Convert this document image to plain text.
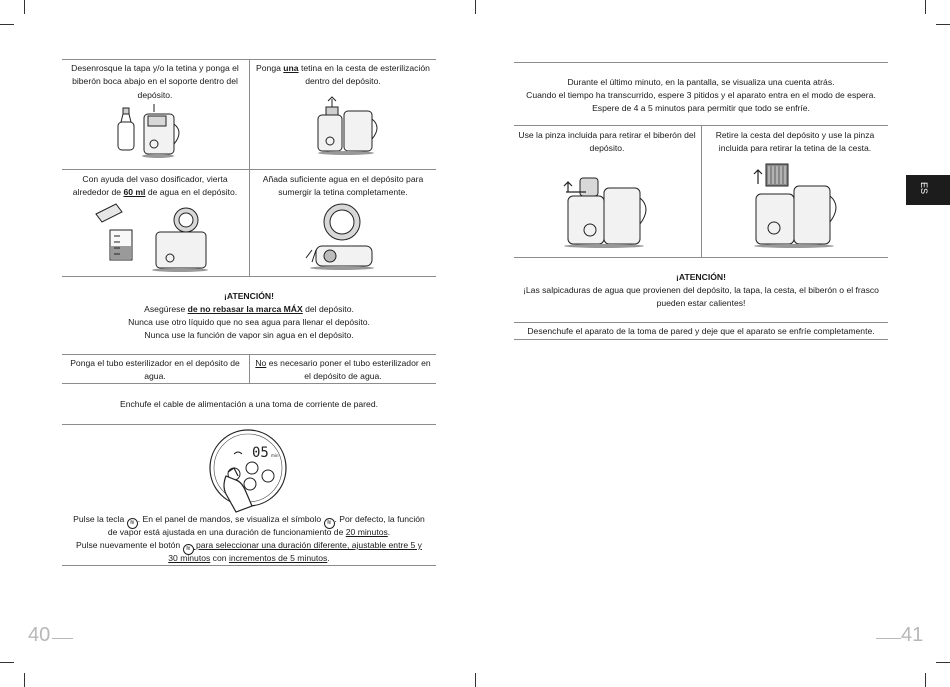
Desenrosque la tapa y/o la tetina y ponga el biberón boca abajo en el soporte dentro del depósito.
Ponga una tetina en la cesta de esterilización dentro del depósito.
Con ayuda del vaso dosificador, vierta alrededor de 60 ml de agua en el depósito.
Añada suficiente agua en el depósito para sumergir la tetina completamente.
¡ATENCIÓN!
Asegúrese de no rebasar la marca MÁX del depósito.
Nunca use otro líquido que no sea agua para llenar el depósito.
Nunca use la función de vapor sin agua en el depósito.
Ponga el tubo esterilizador en el depósito de agua.
No es necesario poner el tubo esterilizador en el depósito de agua.
Enchufe el cable de alimentación a una toma de corriente de pared.
05 min
Pulse la tecla ≋ . En el panel de mandos, se visualiza el símbolo ≋ . Por defecto, la función
de vapor está ajustada en una duración de funcionamiento de 20 minutos.
Pulse nuevamente el botón ≋ para seleccionar una duración diferente, ajustable entre 5 y
30 minutos con incrementos de 5 minutos.
40
Durante el último minuto, en la pantalla, se visualiza una cuenta atrás.
Cuando el tiempo ha transcurrido, espere 3 pitidos y el aparato entra en el modo de espera.
Espere de 4 a 5 minutos para permitir que todo se enfríe.
Use la pinza incluida para retirar el biberón del depósito.
Retire la cesta del depósito y use la pinza incluida para retirar la tetina de la cesta.
¡ATENCIÓN!
¡Las salpicaduras de agua que provienen del depósito, la tapa, la cesta, el biberón o el frasco
pueden estar calientes!
Desenchufe el aparato de la toma de pared y deje que el aparato se enfríe completamente.
ES
41
